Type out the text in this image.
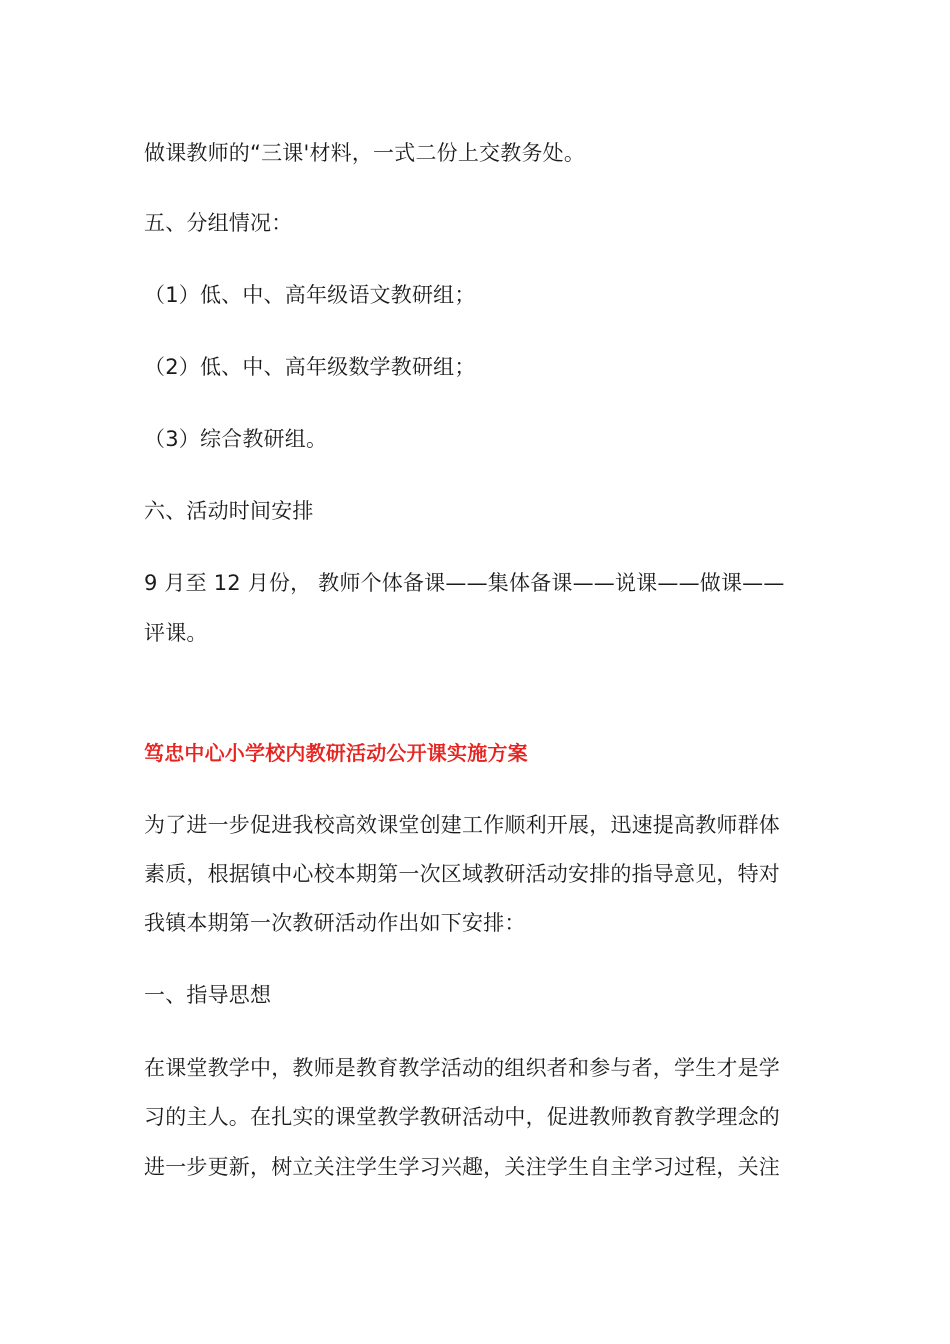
做课教师的“三课'材料，一式二份上交教务处。
五、分组情况：
（1）低、中、高年级语文教研组；
（2）低、中、高年级数学教研组；
（3）综合教研组。
六、活动时间安排
9 月至 12 月份， 教师个体备课——集体备课——说课——做课——
评课。
笃忠中心小学校内教研活动公开课实施方案
为了进一步促进我校高效课堂创建工作顺利开展，迅速提高教师群体
素质，根据镇中心校本期第一次区域教研活动安排的指导意见，特对
我镇本期第一次教研活动作出如下安排：
一、指导思想
在课堂教学中，教师是教育教学活动的组织者和参与者，学生才是学
习的主人。在扎实的课堂教学教研活动中，促进教师教育教学理念的
进一步更新，树立关注学生学习兴趣，关注学生自主学习过程，关注
